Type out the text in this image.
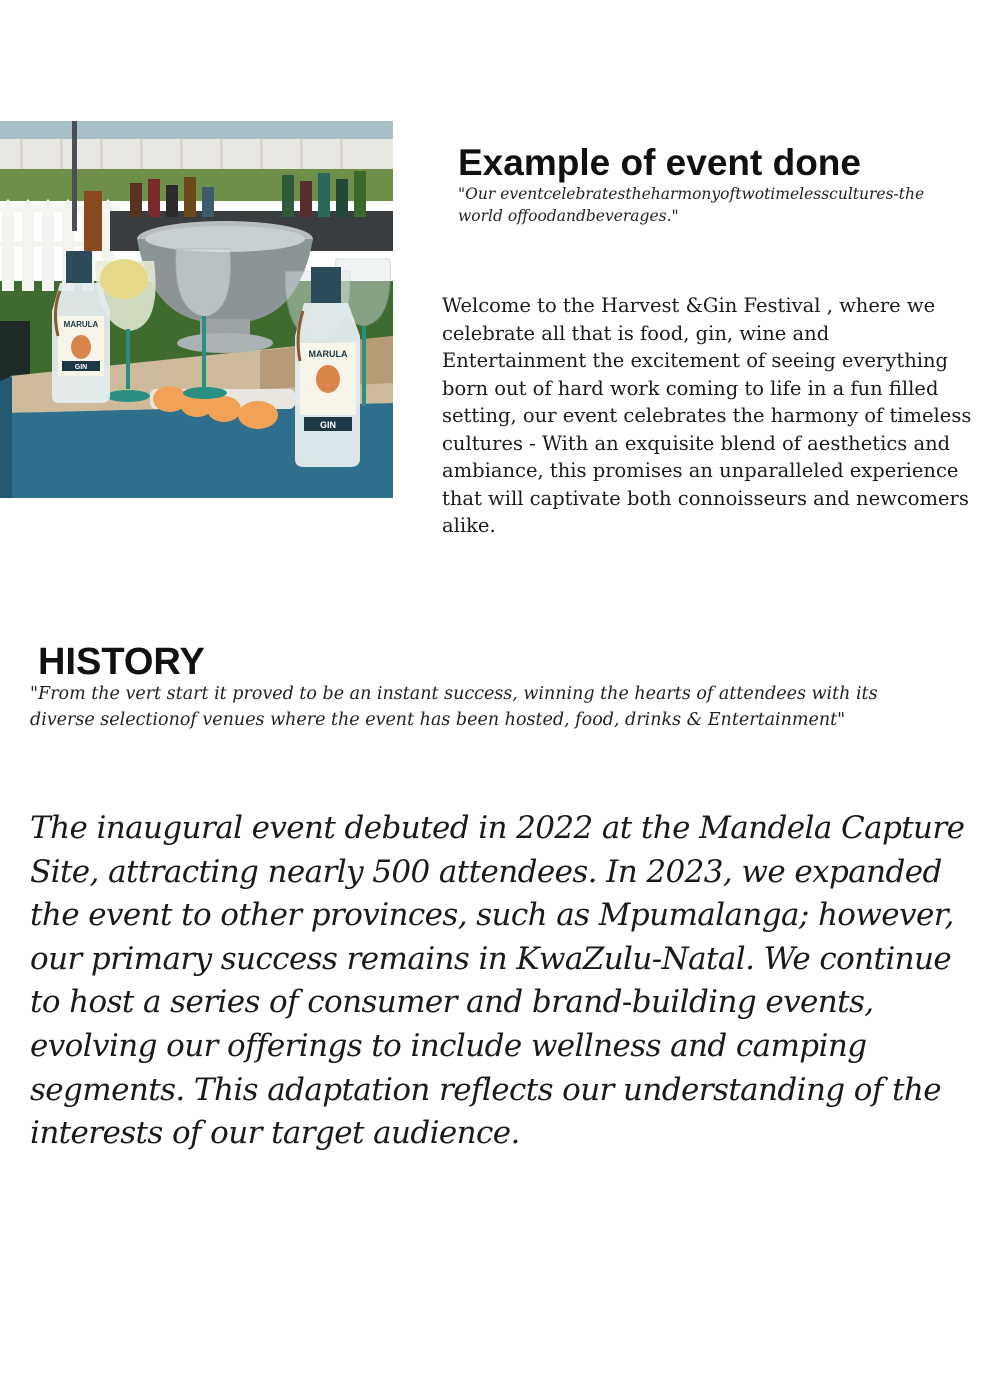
MARULA
GIN
MARULA
GIN
Example of event done

"Our eventcelebratestheharmonyoftwotimelesscultures-the world offoodandbeverages."

Welcome to the Harvest &Gin Festival , where we celebrate all that is food, gin, wine and Entertainment the excitement of seeing everything born out of hard work coming to life in a fun filled setting, our event celebrates the harmony of timeless cultures - With an exquisite blend of aesthetics and ambiance, this promises an unparalleled experience that will captivate both connoisseurs and newcomers alike.

HISTORY

"From the vert start it proved to be an instant success, winning the hearts of attendees with its diverse selectionof venues where the event has been hosted, food, drinks & Entertainment"

The inaugural event debuted in 2022 at the Mandela Capture Site, attracting nearly 500 attendees. In 2023, we expanded the event to other provinces, such as Mpumalanga; however, our primary success remains in KwaZulu-Natal. We continue to host a series of consumer and brand-building events, evolving our offerings to include wellness and camping segments. This adaptation reflects our understanding of the interests of our target audience.
